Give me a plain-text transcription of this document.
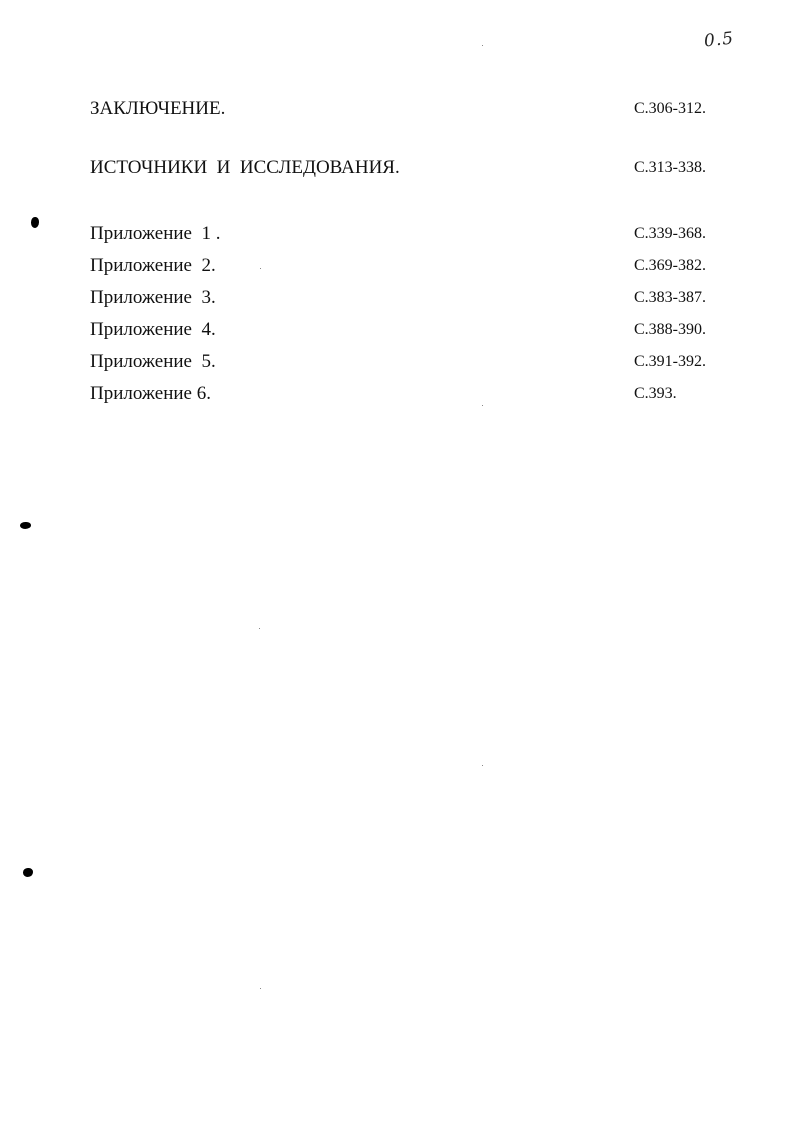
0.5
ЗАКЛЮЧЕНИЕ.	С.306-312.
ИСТОЧНИКИ  И  ИССЛЕДОВАНИЯ.	С.313-338.
Приложение  1 .	С.339-368.
Приложение  2.	С.369-382.
Приложение  3.	С.383-387.
Приложение  4.	С.388-390.
Приложение  5.	С.391-392.
Приложение 6.	С.393.
